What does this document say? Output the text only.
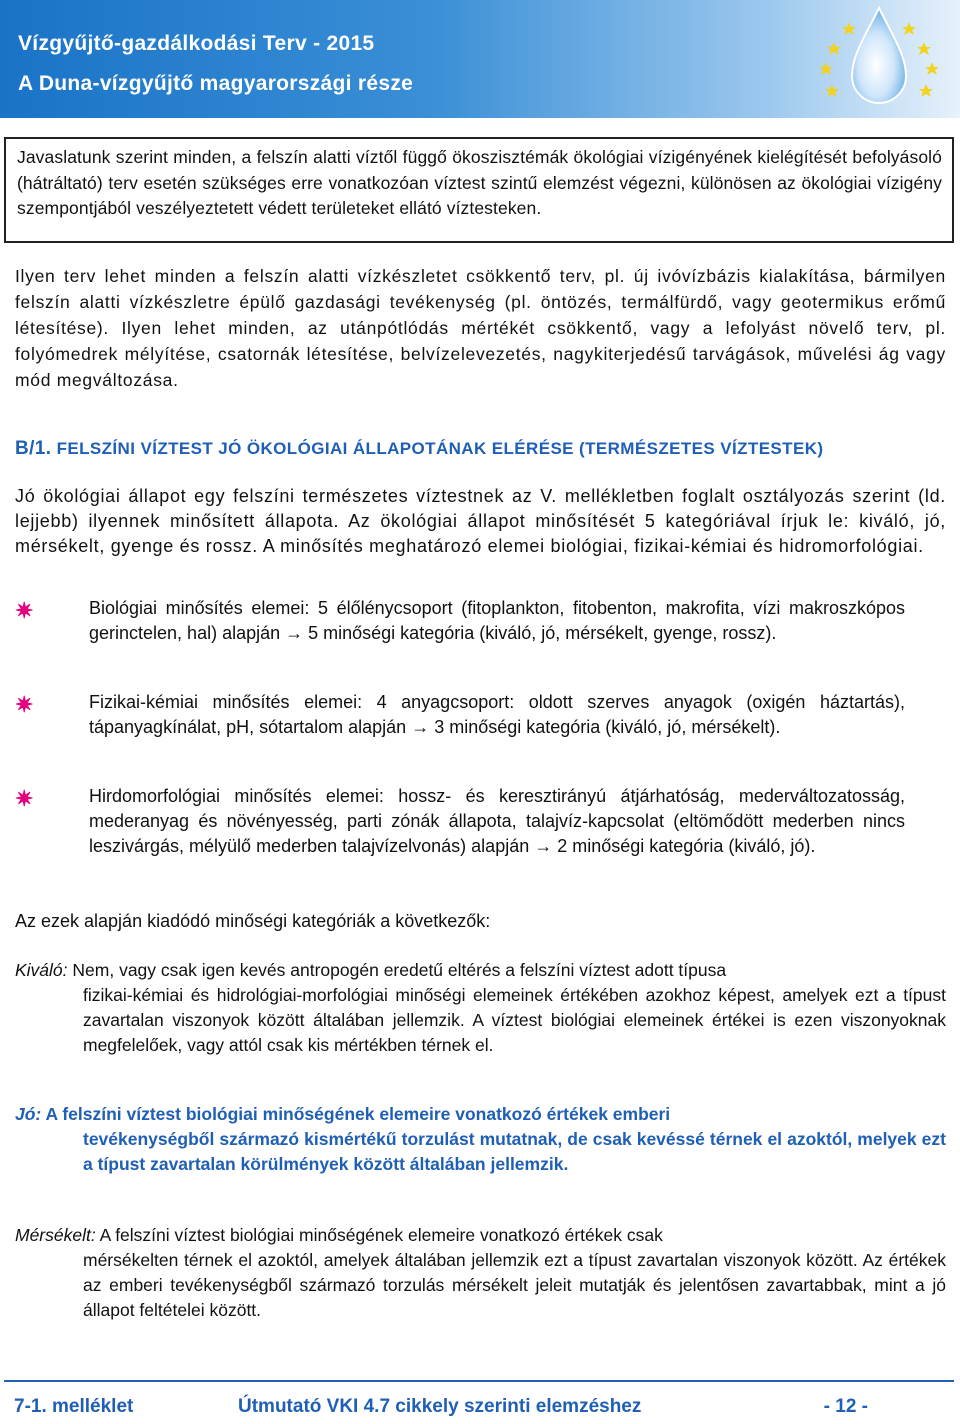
Vízgyűjtő-gazdálkodási Terv - 2015
A Duna-vízgyűjtő magyarországi része
Javaslatunk szerint minden, a felszín alatti víztől függő ökoszisztémák ökológiai vízigényének kielégítését befolyásoló (hátráltató) terv esetén szükséges erre vonatkozóan víztest szintű elemzést végezni, különösen az ökológiai vízigény szempontjából veszélyeztetett védett területeket ellátó víztesteken.
Ilyen terv lehet minden a felszín alatti vízkészletet csökkentő terv, pl. új ivóvízbázis kialakítása, bármilyen felszín alatti vízkészletre épülő gazdasági tevékenység (pl. öntözés, termálfürdő, vagy geotermikus erőmű létesítése). Ilyen lehet minden, az utánpótlódás mértékét csökkentő, vagy a lefolyást növelő terv, pl. folyómedrek mélyítése, csatornák létesítése, belvízelevezetés, nagykiterjedésű tarvágások, művelési ág vagy mód megváltozása.
B/1. FELSZÍNI VÍZTEST JÓ ÖKOLÓGIAI ÁLLAPOTÁNAK ELÉRÉSE (TERMÉSZETES VÍZTESTEK)
Jó ökológiai állapot egy felszíni természetes víztestnek az V. mellékletben foglalt osztályozás szerint (ld. lejjebb) ilyennek minősített állapota. Az ökológiai állapot minősítését 5 kategóriával írjuk le: kiváló, jó, mérsékelt, gyenge és rossz. A minősítés meghatározó elemei biológiai, fizikai-kémiai és hidromorfológiai.
✷	Biológiai minősítés elemei: 5 élőlénycsoport (fitoplankton, fitobenton, makrofita, vízi makroszkópos gerinctelen, hal) alapján → 5 minőségi kategória (kiváló, jó, mérsékelt, gyenge, rossz).
✷	Fizikai-kémiai minősítés elemei: 4 anyagcsoport: oldott szerves anyagok (oxigén háztartás), tápanyagkínálat, pH, sótartalom alapján → 3 minőségi kategória (kiváló, jó, mérsékelt).
✷	Hirdomorfológiai minősítés elemei: hossz- és keresztirányú átjárhatóság, mederváltozatosság, mederanyag és növényesség, parti zónák állapota, talajvíz-kapcsolat (eltömődött mederben nincs leszivárgás, mélyülő mederben talajvízelvonás) alapján → 2 minőségi kategória (kiváló, jó).
Az ezek alapján kiadódó minőségi kategóriák a következők:
Kiváló: Nem, vagy csak igen kevés antropogén eredetű eltérés a felszíni víztest adott típusa
fizikai-kémiai és hidrológiai-morfológiai minőségi elemeinek értékében azokhoz képest, amelyek ezt a típust zavartalan viszonyok között általában jellemzik. A víztest biológiai elemeinek értékei is ezen viszonyoknak megfelelőek, vagy attól csak kis mértékben térnek el.
Jó: A felszíni víztest biológiai minőségének elemeire vonatkozó értékek emberi
tevékenységből származó kismértékű torzulást mutatnak, de csak kevéssé térnek el azoktól, melyek ezt a típust zavartalan körülmények között általában jellemzik.
Mérsékelt: A felszíni víztest biológiai minőségének elemeire vonatkozó értékek csak
mérsékelten térnek el azoktól, amelyek általában jellemzik ezt a típust zavartalan viszonyok között. Az értékek az emberi tevékenységből származó torzulás mérsékelt jeleit mutatják és jelentősen zavartabbak, mint a jó állapot feltételei között.
7-1. melléklet	Útmutató VKI 4.7 cikkely szerinti elemzéshez	- 12 -
